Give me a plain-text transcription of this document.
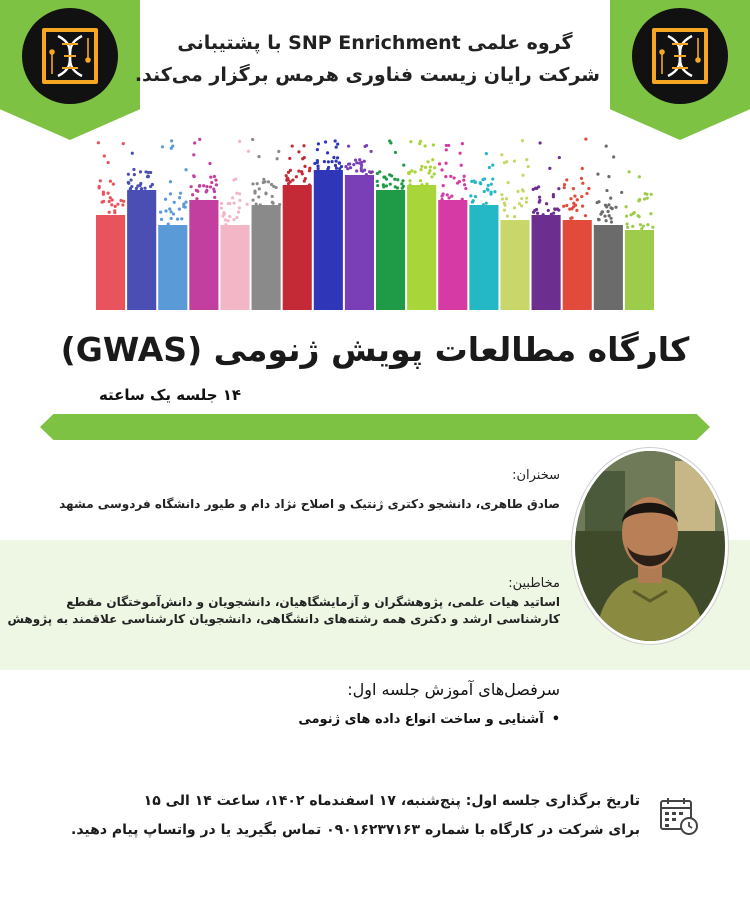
گروه علمی SNP Enrichment با پشتیبانی
شرکت رایان زیست فناوری هرمس برگزار می‌کند.
کارگاه مطالعات پویش ژنومی (GWAS)
۱۴ جلسه یک ساعته
سخنران:
صادق طاهری، دانشجو دکتری ژنتیک و اصلاح نژاد دام و طیور دانشگاه فردوسی مشهد
مخاطبین:
اساتید هیات علمی، پژوهشگران و آزمایشگاهیان، دانشجویان و دانش‌آموختگان مقطع
کارشناسی ارشد و دکتری همه رشته‌های دانشگاهی، دانشجویان کارشناسی علاقمند به پژوهش
سرفصل‌های آموزش جلسه اول:
• آشنایی و ساخت انواع داده های ژنومی
تاریخ برگذاری جلسه اول: پنج‌شنبه، ۱۷ اسفندماه ۱۴۰۲، ساعت ۱۴ الی ۱۵
برای شرکت در کارگاه با شماره ۰۹۰۱۶۲۳۷۱۶۳ تماس بگیرید یا در واتساپ پیام دهید.
